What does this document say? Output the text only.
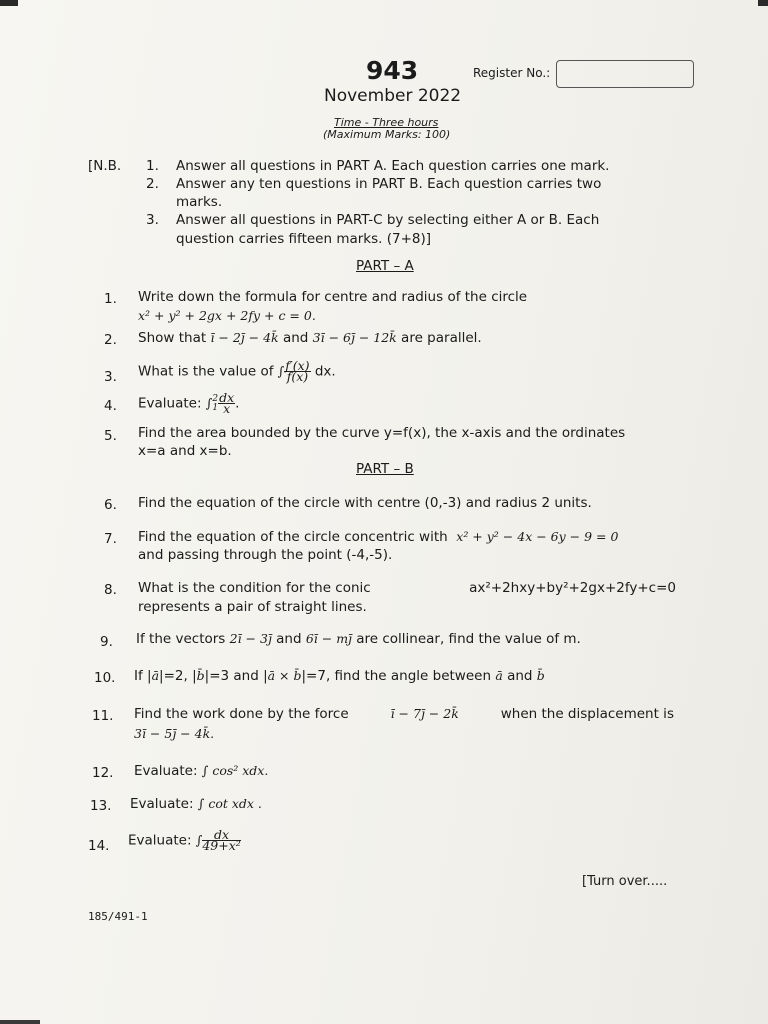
943	Register No.:
November 2022
Time - Three hours
(Maximum Marks: 100)
[N.B. 1. Answer all questions in PART A. Each question carries one mark.
2. Answer any ten questions in PART B. Each question carries two
marks.
3. Answer all questions in PART-C by selecting either A or B. Each
question carries fifteen marks. (7+8)]
PART – A
1. Write down the formula for centre and radius of the circle
x² + y² + 2gx + 2fy + c = 0.
2. Show that ī − 2j̄ − 4k̄ and 3ī − 6j̄ − 12k̄ are parallel.
3. What is the value of ∫ $\frac{f'(x)}{f(x)}$ dx.
4. Evaluate: ∫ 2
$1 \frac{dx}{x}$ .
5. Find the area bounded by the curve y=f(x), the x-axis and the ordinates
x=a and x=b.
PART – B
6. Find the equation of the circle with centre (0,-3) and radius 2 units.
7. Find the equation of the circle concentric with x² + y² − 4x − 6y − 9 = 0
and passing through the point (-4,-5).
8. What is the condition for the conic	ax²+2hxy+by²+2gx+2fy+c=0
represents a pair of straight lines.
9. If the vectors 2ī − 3j̄ and 6ī − mj̄ are collinear, find the value of m.
10. If |ā|=2, |b̄|=3 and |ā × b̄|=7, find the angle between ā and b̄
11. Find the work done by the force	ī − 7j̄ − 2k̄	when the displacement is
3ī − 5j̄ − 4k̄.
12. Evaluate: ∫ cos² xdx.
13. Evaluate: ∫ cot xdx .
14. Evaluate: ∫ $\frac{dx}{\text{49+x²}}$
[Turn over.....
185/491-1
